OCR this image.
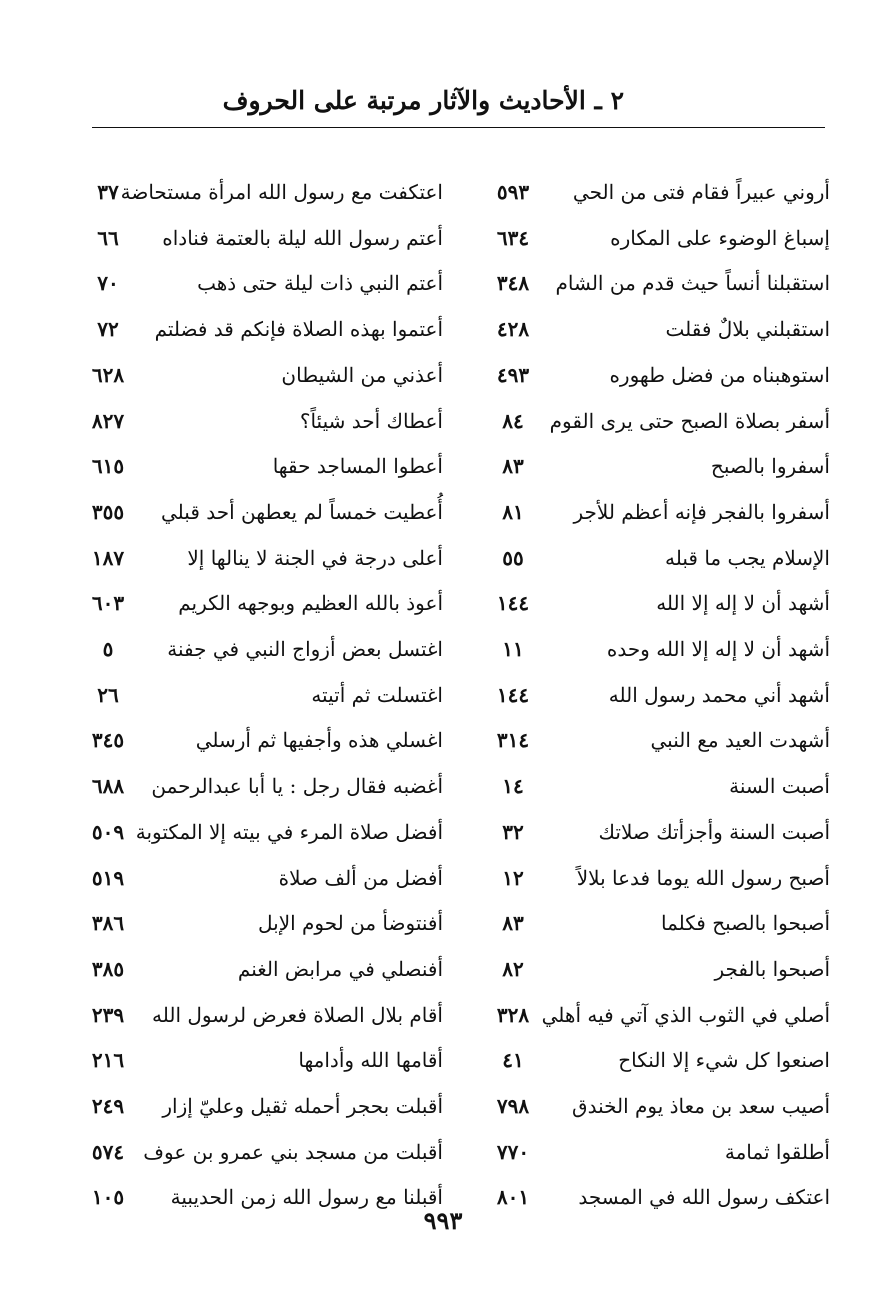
٢ ـ الأحاديث والآثار مرتبة على الحروف
أروني عبيراً فقام فتى من الحي
٥٩٣
اعتكفت مع رسول الله امرأة مستحاضة
٣٧
إسباغ الوضوء على المكاره
٦٣٤
أعتم رسول الله ليلة بالعتمة فناداه
٦٦
استقبلنا أنساً حيث قدم من الشام
٣٤٨
أعتم النبي ذات ليلة حتى ذهب
٧٠
استقبلني بلالٌ فقلت
٤٢٨
أعتموا بهذه الصلاة فإنكم قد فضلتم
٧٢
استوهبناه من فضل طهوره
٤٩٣
أعذني من الشيطان
٦٢٨
أسفر بصلاة الصبح حتى يرى القوم
٨٤
أعطاك أحد شيئاً؟
٨٢٧
أسفروا بالصبح
٨٣
أعطوا المساجد حقها
٦١٥
أسفروا بالفجر فإنه أعظم للأجر
٨١
أُعطيت خمساً لم يعطهن أحد قبلي
٣٥٥
الإسلام يجب ما قبله
٥٥
أعلى درجة في الجنة لا ينالها إلا
١٨٧
أشهد أن لا إله إلا الله
١٤٤
أعوذ بالله العظيم وبوجهه الكريم
٦٠٣
أشهد أن لا إله إلا الله وحده
١١
اغتسل بعض أزواج النبي في جفنة
٥
أشهد أني محمد رسول الله
١٤٤
اغتسلت ثم أتيته
٢٦
أشهدت العيد مع النبي
٣١٤
اغسلي هذه وأجفيها ثم أرسلي
٣٤٥
أصبت السنة
١٤
أغضبه فقال رجل : يا أبا عبدالرحمن
٦٨٨
أصبت السنة وأجزأتك صلاتك
٣٢
أفضل صلاة المرء في بيته إلا المكتوبة
٥٠٩
أصبح رسول الله يوما فدعا بلالاً
١٢
أفضل من ألف صلاة
٥١٩
أصبحوا بالصبح فكلما
٨٣
أفنتوضأ من لحوم الإبل
٣٨٦
أصبحوا بالفجر
٨٢
أفنصلي في مرابض الغنم
٣٨٥
أصلي في الثوب الذي آتي فيه أهلي
٣٢٨
أقام بلال الصلاة فعرض لرسول الله
٢٣٩
اصنعوا كل شيء إلا النكاح
٤١
أقامها الله وأدامها
٢١٦
أصيب سعد بن معاذ يوم الخندق
٧٩٨
أقبلت بحجر أحمله ثقيل وعليّ إزار
٢٤٩
أطلقوا ثمامة
٧٧٠
أقبلت من مسجد بني عمرو بن عوف
٥٧٤
اعتكف رسول الله في المسجد
٨٠١
أقبلنا مع رسول الله زمن الحديبية
١٠٥
٩٩٣
